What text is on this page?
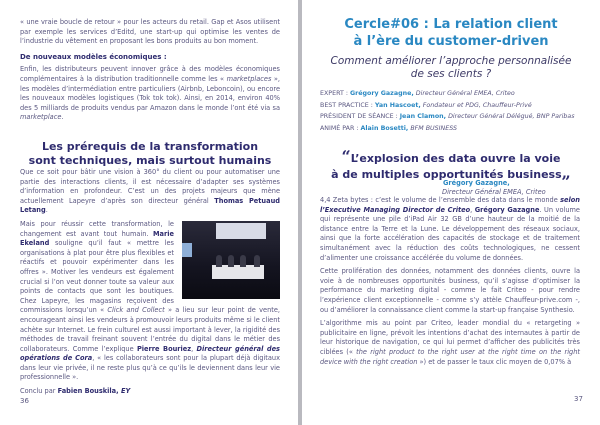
« une vraie boucle de retour » pour les acteurs du retail. Gap et Asos utilisent par exemple les services d’Editd, une start-up qui optimise les ventes de l’industrie du vêtement en proposant les bons produits au bon moment.

De nouveaux modèles économiques :

Enfin, les distributeurs peuvent innover grâce à des modèles économiques complémentaires à la distribution traditionnelle comme les « marketplaces », les modèles d’intermédiation entre particuliers (Airbnb, Leboncoin), ou encore les nouveaux modèles logistiques (Tok tok tok). Ainsi, en 2014, environ 40% des 5 milliards de produits vendus par Amazon dans le monde l’ont été via sa marketplace.

Les prérequis de la transformation
sont techniques, mais surtout humains

Que ce soit pour bâtir une vision à 360° du client ou pour automatiser une partie des interactions clients, il est nécessaire d’adapter ses systèmes d’information en profondeur. C’est un des projets majeurs que mène actuellement Lapeyre d’après son directeur général Thomas Petuaud Letang.

Mais pour réussir cette transformation, le changement est avant tout humain. Marie Ekeland souligne qu’il faut « mettre les organisations à plat pour être plus flexibles et réactifs et pouvoir expérimenter dans les offres ». Motiver les vendeurs est également crucial si l’on veut donner toute sa valeur aux points de contacts que sont les boutiques. Chez Lapeyre, les magasins reçoivent des commissions lorsqu’un « Click and Collect » a lieu sur leur point de vente, encourageant ainsi les vendeurs à promouvoir leurs produits même si le client achète sur Internet. Le frein culturel est aussi important à lever, la rigidité des méthodes de travail freinant souvent l’entrée du digital dans le métier des collaborateurs. Comme l’explique Pierre Bouriez, Directeur général des opérations de Cora, « les collaborateurs sont pour la plupart déjà digitaux dans leur vie privée, il ne reste plus qu’à ce qu’ils le deviennent dans leur vie professionnelle ».

Conclu par Fabien Bouskila, EY

36
Cercle#06 : La relation client
à l’ère du customer-driven
Comment améliorer l’approche personnalisée
de ses clients ?
EXPERT : Grégory Gazagne, Directeur Général EMEA, Criteo
BEST PRACTICE : Yan Hascoet, Fondateur et PDG, Chauffeur-Privé
PRÉSIDENT DE SÉANCE : Jean Clamon, Directeur Général Délégué, BNP Paribas
ANIMÉ PAR : Alain Bosetti, BFM BUSINESS
“L’explosion des data ouvre la voie
à de multiples opportunités business„
Grégory Gazagne,
Directeur Général EMEA, Criteo

4,4 Zeta bytes : c’est le volume de l’ensemble des data dans le monde selon l’Executive Managing Director de Criteo, Grégory Gazagne. Un volume qui représente une pile d’iPad Air 32 GB d’une hauteur de la moitié de la distance entre la Terre et la Lune. Le développement des réseaux sociaux, ainsi que la forte accélération des capacités de stockage et de traitement simultanément avec la réduction des coûts technologiques, ne cessent d’alimenter une croissance accélérée du volume de données.

Cette prolifération des données, notamment des données clients, ouvre la voie à de nombreuses opportunités business, qu’il s’agisse d’optimiser la performance du marketing digital - comme le fait Criteo - pour rendre l’expérience client exceptionnelle - comme s’y attèle Chauffeur-prive.com -, ou d’améliorer la connaissance client comme la start-up française Synthesio.

L’algorithme mis au point par Criteo, leader mondial du « retargeting » publicitaire en ligne, prévoit les intentions d’achat des internautes à partir de leur historique de navigation, ce qui lui permet d’afficher des publicités très ciblées (« the right product to the right user at the right time on the right device with the right creation ») et de passer le taux clic moyen de 0,07% à

37
